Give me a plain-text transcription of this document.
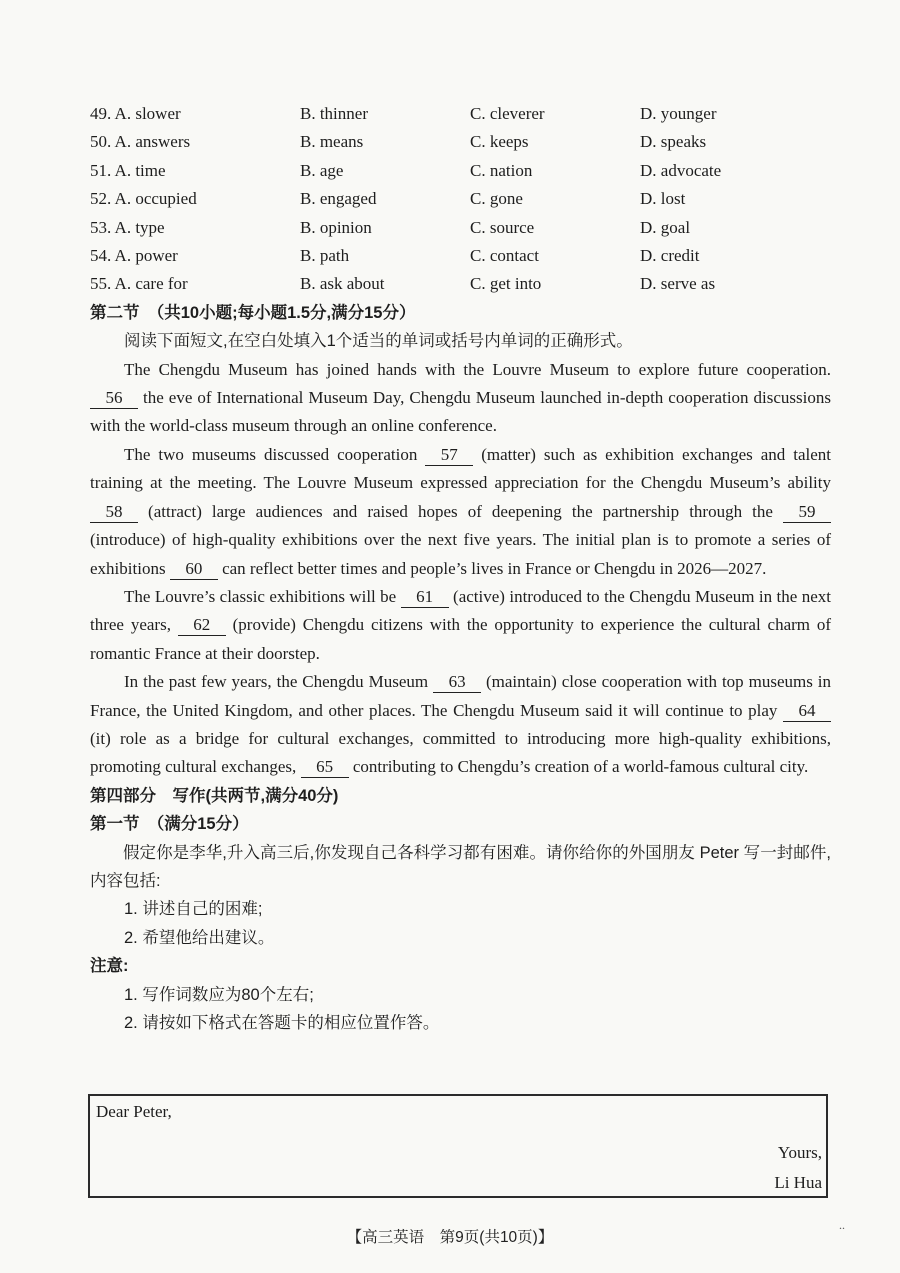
49. A. slower	B. thinner	C. cleverer	D. younger
50. A. answers	B. means	C. keeps	D. speaks
51. A. time	B. age	C. nation	D. advocate
52. A. occupied	B. engaged	C. gone	D. lost
53. A. type	B. opinion	C. source	D. goal
54. A. power	B. path	C. contact	D. credit
55. A. care for	B. ask about	C. get into	D. serve as
第二节　（共10小题;每小题1.5分,满分15分）
阅读下面短文,在空白处填入1个适当的单词或括号内单词的正确形式。

The Chengdu Museum has joined hands with the Louvre Museum to explore future cooperation. 56 the eve of International Museum Day, Chengdu Museum launched in-depth cooperation discussions with the world-class museum through an online conference.

The two museums discussed cooperation 57 (matter) such as exhibition exchanges and talent training at the meeting. The Louvre Museum expressed appreciation for the Chengdu Museum’s ability 58 (attract) large audiences and raised hopes of deepening the partnership through the 59 (introduce) of high-quality exhibitions over the next five years. The initial plan is to promote a series of exhibitions 60 can reflect better times and people’s lives in France or Chengdu in 2026—2027.

The Louvre’s classic exhibitions will be 61 (active) introduced to the Chengdu Museum in the next three years, 62 (provide) Chengdu citizens with the opportunity to experience the cultural charm of romantic France at their doorstep.

In the past few years, the Chengdu Museum 63 (maintain) close cooperation with top museums in France, the United Kingdom, and other places. The Chengdu Museum said it will continue to play 64 (it) role as a bridge for cultural exchanges, committed to introducing more high-quality exhibitions, promoting cultural exchanges, 65 contributing to Chengdu’s creation of a world-famous cultural city.

第四部分　写作(共两节,满分40分)
第一节　（满分15分）

假定你是李华,升入高三后,你发现自己各科学习都有困难。请你给你的外国朋友 Peter 写一封邮件,内容包括:

1. 讲述自己的困难;
2. 希望他给出建议。
注意:
1. 写作词数应为80个左右;
2. 请按如下格式在答题卡的相应位置作答。
Dear Peter,
Yours,
Li Hua
【高三英语　第9页(共10页)】
..
